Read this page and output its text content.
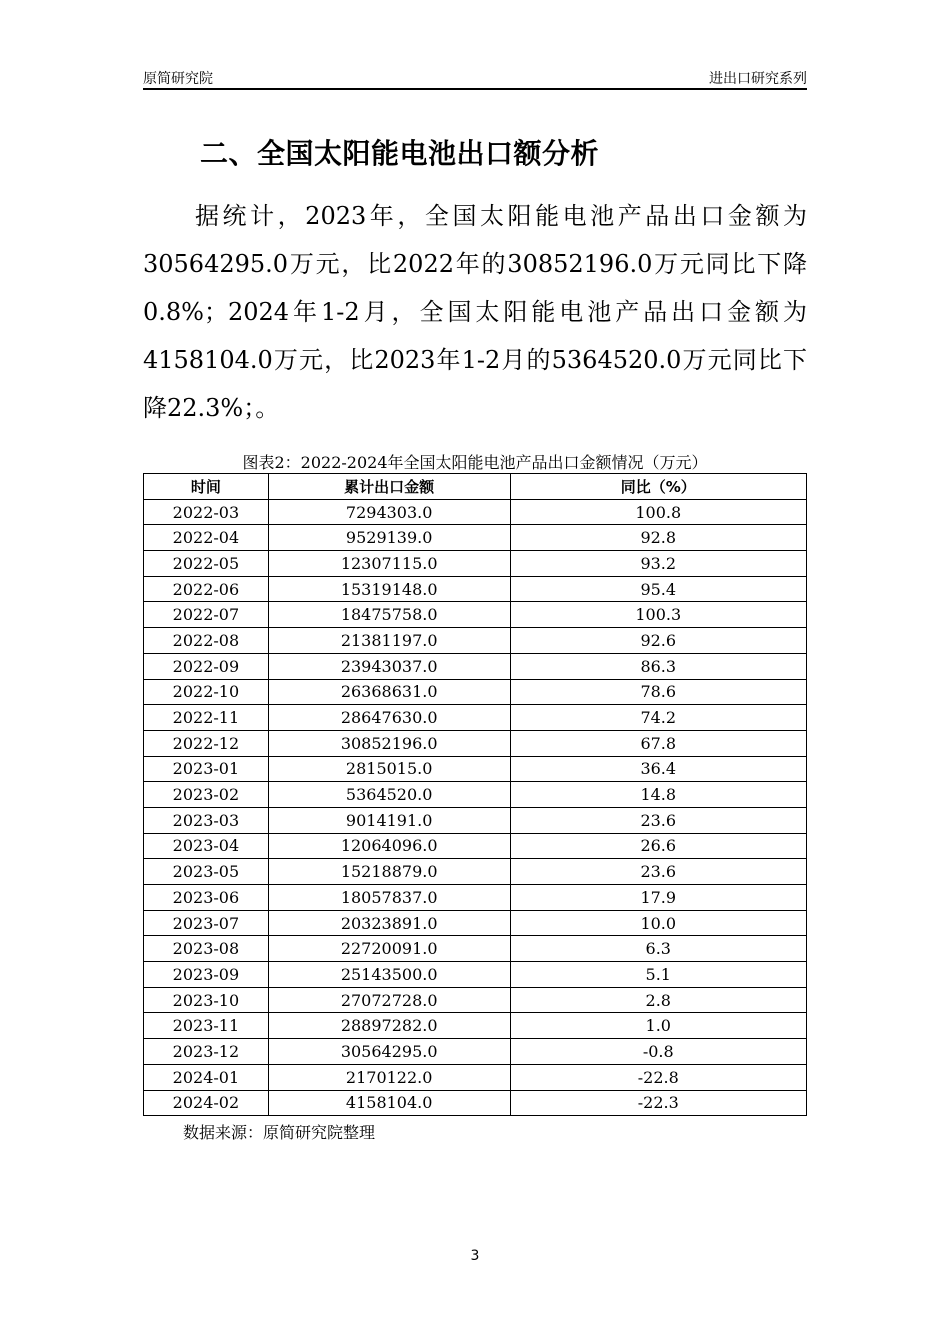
原简研究院	进出口研究系列
二、全国太阳能电池出口额分析

据统计，2023年，全国太阳能电池产品出口金额为30564295.0万元，比2022年的30852196.0万元同比下降0.8%；2024年1-2月，全国太阳能电池产品出口金额为4158104.0万元，比2023年1-2月的5364520.0万元同比下降22.3%；。

图表2：2022-2024年全国太阳能电池产品出口金额情况（万元）
时间	累计出口金额	同比（%）
2022-03	7294303.0	100.8
2022-04	9529139.0	92.8
2022-05	12307115.0	93.2
2022-06	15319148.0	95.4
2022-07	18475758.0	100.3
2022-08	21381197.0	92.6
2022-09	23943037.0	86.3
2022-10	26368631.0	78.6
2022-11	28647630.0	74.2
2022-12	30852196.0	67.8
2023-01	2815015.0	36.4
2023-02	5364520.0	14.8
2023-03	9014191.0	23.6
2023-04	12064096.0	26.6
2023-05	15218879.0	23.6
2023-06	18057837.0	17.9
2023-07	20323891.0	10.0
2023-08	22720091.0	6.3
2023-09	25143500.0	5.1
2023-10	27072728.0	2.8
2023-11	28897282.0	1.0
2023-12	30564295.0	-0.8
2024-01	2170122.0	-22.8
2024-02	4158104.0	-22.3
数据来源：原简研究院整理
3
